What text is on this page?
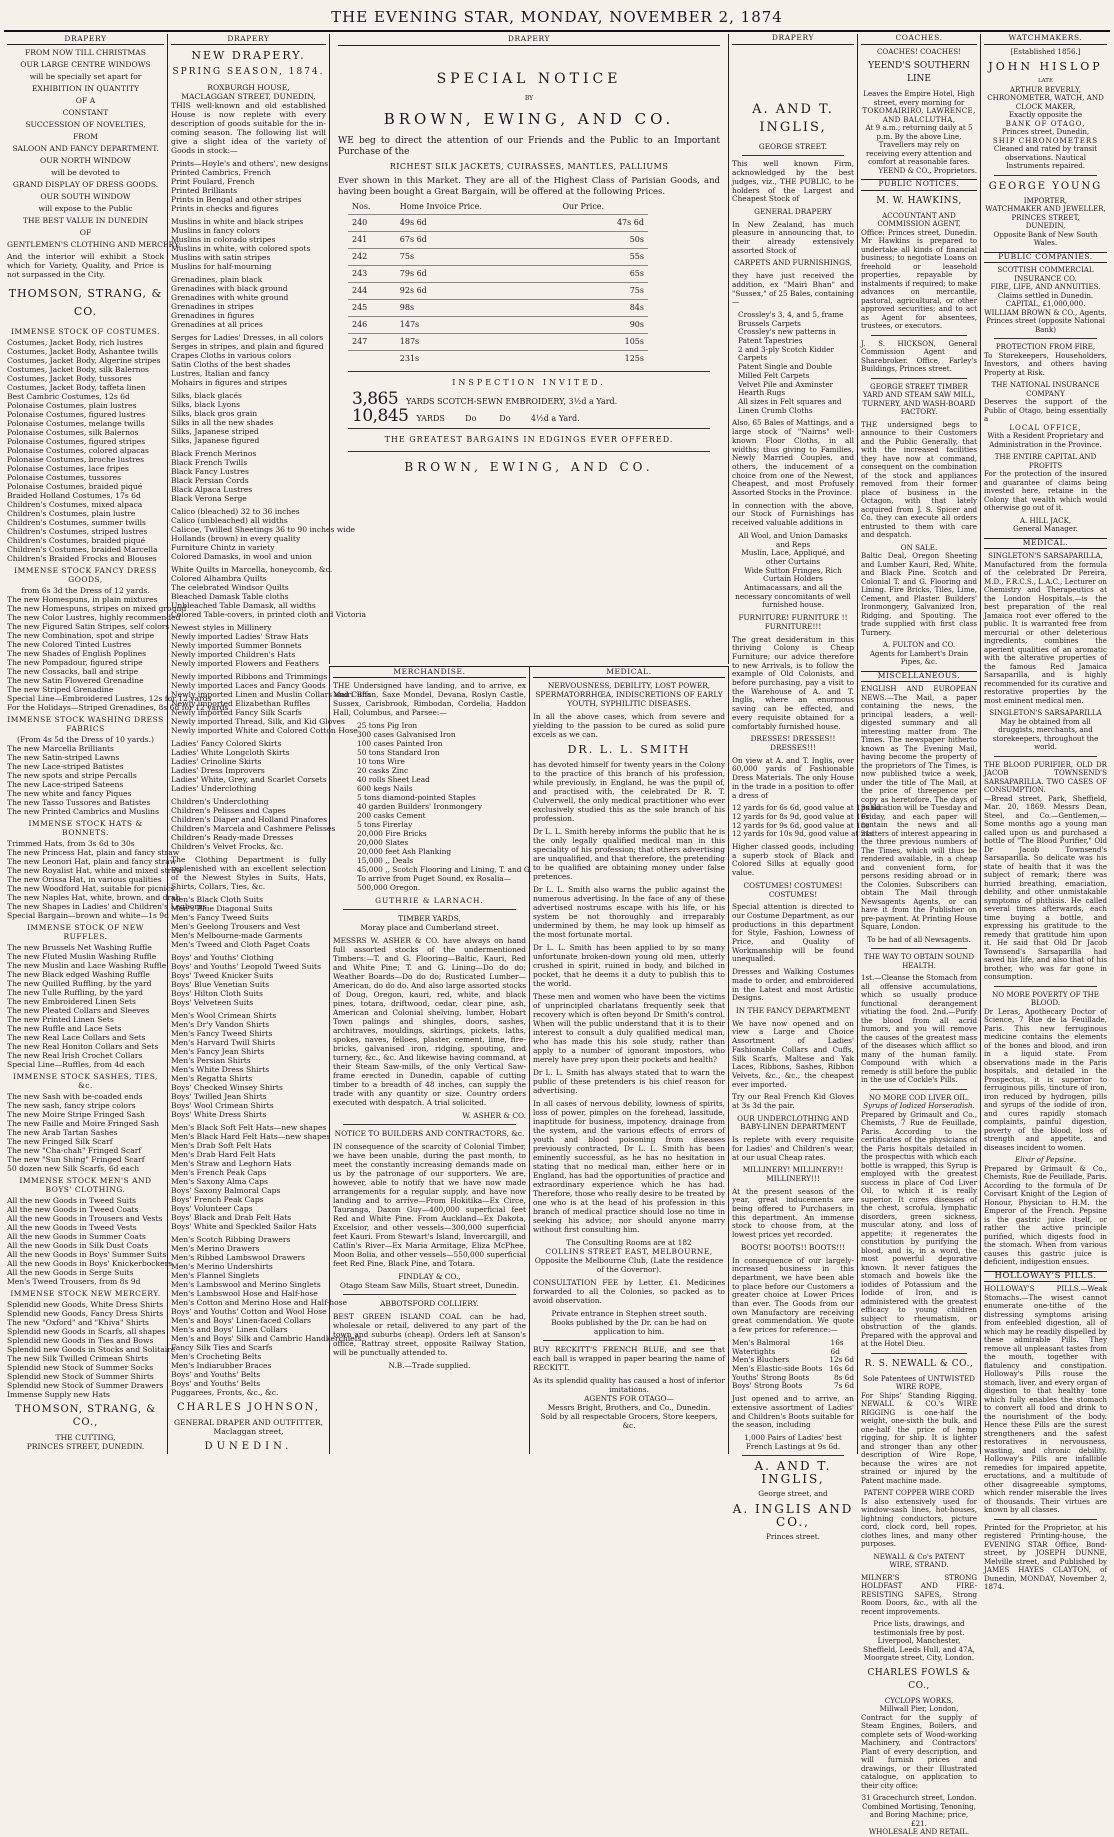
THE EVENING STAR, MONDAY, NOVEMBER 2, 1874
DRAPERY
FROM NOW TILL CHRISTMAS
OUR LARGE CENTRE WINDOWS
will be specially set apart for
EXHIBITION IN QUANTITY
OF A
CONSTANT
SUCCESSION OF NOVELTIES,
FROM
SALOON AND FANCY DEPARTMENT.
OUR NORTH WINDOW
will be devoted to
GRAND DISPLAY OF DRESS GOODS.
OUR SOUTH WINDOW
will expose to the Public
THE BEST VALUE IN DUNEDIN
OF
GENTLEMEN'S CLOTHING AND MERCERY;
And the interior will exhibit a Stock which for Variety, Quality, and Price is not surpassed in the City.
THOMSON, STRANG, & CO.
IMMENSE STOCK OF COSTUMES.
Costumes, Jacket Body, rich lustres
Costumes, Jacket Body, Ashantee twills
Costumes, Jacket Body, Algerine stripes
Costumes, Jacket Body, silk Balernos
Costumes, Jacket Body, tussores
Costumes, Jacket Body, taffeta linen
Best Cambric Costumes, 12s 6d
Polonaise Costumes, plain lustres
Polonaise Costumes, figured lustres
Polonaise Costumes, melange twills
Polonaise Costumes, silk Balernos
Polonaise Costumes, figured stripes
Polonaise Costumes, colored alpacas
Polonaise Costumes, broche lustres
Polonaise Costumes, lace fripes
Polonaise Costumes, tussores
Polonaise Costumes, braided piqué
Braided Holland Costumes, 17s 6d
Children's Costumes, mixed alpaca
Children's Costumes, plain lustre
Children's Costumes, summer twills
Children's Costumes, striped lustres
Children's Costumes, braided piqué
Children's Costumes, braided Marcella
Children's Braided Frocks and Blouses
IMMENSE STOCK FANCY DRESS GOODS,
from 6s 3d the Dress of 12 yards.
The new Homespuns, in plain mixtures
The new Homespuns, stripes on mixed ground
The new Color Lustres, highly recommended
The new Figured Satin Stripes, self colors
The new Combination, spot and stripe
The new Colored Tinted Lustres
The new Shades of English Poplines
The new Pompadour, figured stripe
The new Cossacks, ball and stripe
The new Satin Flowered Grenadine
The new Striped Grenadine
Special Line—Embroidered Lustres, 12s for 12 yards
For the Holidays—Striped Grenadines, 8s 6d for 12 yards
IMMENSE STOCK WASHING DRESS FABRICS
(From 4s 5d the Dress of 10 yards.)
The new Marcella Brilliants
The new Satin-striped Lawns
The new Lace-striped Batistes
The new spots and stripe Percalls
The new Lace-striped Sateens
The new white and fancy Piques
The new Tasso Tussores and Batistes
The new Printed Cambrics and Muslins
IMMENSE STOCK HATS & BONNETS.
Trimmed Hats, from 3s 6d to 30s
The new Princess Hat, plain and fancy straw
The new Leonori Hat, plain and fancy straw
The new Royalist Hat, white and mixed straw
The new Orissa Hat, in various qualities
The new Woodford Hat, suitable for picnics
The new Naples Hat, white, brown, and drab
The new Shapes in Ladies' and Children's Leghorns
Special Bargain—brown and white—1s 9d
IMMENSE STOCK OF NEW RUFFLES.
The new Brussels Net Washing Ruffle
The new Fluted Muslin Washing Ruffle
The new Muslin and Lace Washing Ruffle
The new Black edged Washing Ruffle
The new Quilled Ruffling, by the yard
The new Tulle Ruffling, by the yard
The new Embroidered Linen Sets
The new Pleated Collars and Sleeves
The new Printed Linen Sets
The new Ruffle and Lace Sets
The new Real Lace Collars and Sets
The new Real Honiton Collars and Sets
The new Real Irish Crochet Collars
Special Line—Ruffles, from 4d each
IMMENSE STOCK SASHES, TIES, &c.
The new Sash with be-coaded ends
The new sash, fancy stripe colors
The new Moire Stripe Fringed Sash
The new Faille and Moire Fringed Sash
The new Arab Tartan Sashes
The new Fringed Silk Scarf
The new "Cha-chah" Fringed Scarf
The new "Sun Shing" Fringed Scarf
50 dozen new Silk Scarfs, 6d each
IMMENSE STOCK MEN'S AND BOYS' CLOTHING.
All the new Goods in Tweed Suits
All the new Goods in Tweed Coats
All the new Goods in Trousers and Vests
All the new Goods in Tweed Vests
All the new Goods in Summer Coats
All the new Goods in Silk Dust Coats
All the new Goods in Boys' Summer Suits
All the new Goods in Boys' Knickerbockers
All the new Goods in Serge Suits
Men's Tweed Trousers, from 8s 9d
IMMENSE STOCK NEW MERCERY.
Splendid new Goods, White Dress Shirts
Splendid new Goods, Fancy Dress Shirts
The new "Oxford" and "Khiva" Shirts
Splendid new Goods in Scarfs, all shapes
Splendid new Goods in Ties and Bows
Splendid new Goods in Stocks and Solitaire
The new Silk Twilled Crimean Shirts
Splendid new Stock of Summer Socks
Splendid new Stock of Summer Shirts
Splendid new Stock of Summer Drawers
Immense Supply new Hats
THOMSON, STRANG, & CO.,
THE CUTTING,
PRINCES STREET, DUNEDIN.
DRAPERY
NEW DRAPERY.
SPRING SEASON, 1874.
ROXBURGH HOUSE,
MACLAGGAN STREET, DUNEDIN,
THIS well-known and old established House is now replete with every description of goods suitable for the in-coming season. The following list will give a slight idea of the variety of Goods in stock:—
Prints—Hoyle's and others', new designs
Printed Cambrics, French
Print Foulard, French
Printed Brilliants
Prints in Bengal and other stripes
Prints in checks and figures
Muslins in white and black stripes
Muslins in fancy colors
Muslins in colorado stripes
Muslins in white, with colored spots
Muslins with satin stripes
Muslins for half-mourning
Grenadines, plain black
Grenadines with black ground
Grenadines with white ground
Grenadines in stripes
Grenadines in figures
Grenadines at all prices
Serges for Ladies' Dresses, in all colors
Serges in stripes, and plain and figured
Crapes Cloths in various colors
Satin Cloths of the best shades
Lustres, Italian and fancy
Mohairs in figures and stripes
Silks, black glacés
Silks, black Lyons
Silks, black gros grain
Silks in all the new shades
Silks, Japanese striped
Silks, Japanese figured
Black French Merinos
Black French Twills
Black Fancy Lustres
Black Persian Cords
Black Alpaca Lustres
Black Verona Serge
Calico (bleached) 32 to 36 inches
Calico (unbleached) all widths
Calicoe, Twilled Sheetings 36 to 90 inches wide
Hollands (brown) in every quality
Furniture Chintz in variety
Colored Damasks, in wool and union
White Quilts in Marcella, honeycomb, &c.
Colored Alhambra Quilts
The celebrated Windsor Quilts
Bleached Damask Table cloths
Unbleached Table Damask, all widths
Colored Table-covers, in printed cloth and Victoria
Newest styles in Millinery
Newly imported Ladies' Straw Hats
Newly imported Summer Bonnets
Newly imported Children's Hats
Newly imported Flowers and Feathers
Newly imported Ribbons and Trimmings
Newly imported Laces and Fancy Goods
Newly imported Linen and Muslin Collars and Cuffs
Newly imported Elizabethan Ruffles
Newly imported Fancy Silk Scarfs
Newly imported Thread, Silk, and Kid Gloves
Newly imported White and Colored Cotton Hose
Ladies' Fancy Colored Skirts
Ladies' White Longcloth Skirts
Ladies' Crinoline Skirts
Ladies' Dress Improvers
Ladies' White, Grey, and Scarlet Corsets
Ladies' Underclothing
Children's Underclothing
Children's Pelisses and Capes
Children's Diaper and Holland Pinafores
Children's Marcela and Cashmere Pelisses
Children's Ready-made Dresses
Children's Velvet Frocks, &c.
The Clothing Department is fully replenished with an excellent selection of the Newest Styles in Suits, Hats, Shirts, Collars, Ties, &c.
Men's Black Cloth Suits
Men's Blue Diagonal Suits
Men's Fancy Tweed Suits
Men's Geelong Trousers and Vest
Men's Melbourne-made Garments
Men's Tweed and Cloth Paget Coats
Boys' and Youths' Clothing
Boys' and Youths' Leopold Tweed Suits
Boys' Tweed Knicker Suits
Boys' Blue Venetian Suits
Boys' Hilton Cloth Suits
Boys' Velveteen Suits
Men's Wool Crimean Shirts
Men's Dr'y Vandon Shirts
Men's Fancy Tweed Shirts
Men's Harvard Twill Shirts
Men's Fancy Jean Shirts
Men's Persian Shirts
Men's White Dress Shirts
Men's Regatta Shirts
Boys' Checked Winsey Shirts
Boys' Twilled Jean Shirts
Boys' Wool Crimean Shirts
Boys' White Dress Shirts
Men's Black Soft Felt Hats—new shapes
Men's Black Hard Felt Hats—new shapes
Men's Drab Soft Felt Hats
Men's Drab Hard Felt Hats
Men's Straw and Leghorn Hats
Men's French Peak Caps
Men's Saxony Alma Caps
Boys' Saxony Balmoral Caps
Boys' French Peak Caps
Boys' Volunteer Caps
Boys' Black and Drab Felt Hats
Boys' White and Speckled Sailor Hats
Men's Scotch Ribbing Drawers
Men's Merino Drawers
Men's Ribbed Lambswool Drawers
Men's Merino Undershirts
Men's Flannel Singlets
Men's Lambswool and Merino Singlets
Men's Lambswool Hose and Half-hose
Men's Cotton and Merino Hose and Half-hose
Boys' and Youths' Cotton and Wool Hose
Men's and Boys' Linen-faced Collars
Men's and Boys' Linen Collars
Men's and Boys' Silk and Cambric Handkerchiefs
Fancy Silk Ties and Scarfs
Men's Crocheting Belts
Men's Indiarubber Braces
Boys' and Youths' Belts
Boys' and Youths' Belts
Puggarees, Fronts, &c., &c.
CHARLES JOHNSON,
GENERAL DRAPER AND OUTFITTER,
Maclaggan street,
DUNEDIN.
DRAPERY
SPECIAL NOTICE
BY
BROWN, EWING, AND CO.
WE beg to direct the attention of our Friends and the Public to an Important Purchase of the
RICHEST SILK JACKETS, CUIRASSES, MANTLES, PALLIUMS
Ever shown in this Market. They are all of the Highest Class of Parisian Goods, and having been bought a Great Bargain, will be offered at the following Prices.
Nos.	Home Invoice Price.	Our Price.
240	49s 6d	47s 6d
241	67s 6d	50s
242	75s	55s
243	79s 6d	65s
244	92s 6d	75s
245	98s	84s
246	147s	90s
247	187s	105s
	231s	125s
INSPECTION INVITED.
3,865 YARDS SCOTCH-SEWN EMBROIDERY, 3½d a Yard.
10,845 YARDS        Do         Do        4½d a Yard.
THE GREATEST BARGAINS IN EDGINGS EVER OFFERED.
BROWN, EWING, AND CO.
MERCHANDISE.
THE Undersigned have landing, and to arrive, ex Mairi Bhan, Saxe Mondel, Devana, Roslyn Castle, Sussex, Carisbrook, Rimbodan, Cordelia, Haddon Hall, Columbus, and Parsee:—
25 tons Pig Iron
300 cases Galvanised Iron
100 cases Painted Iron
50 tons Standard Iron
10 tons Wire
20 casks Zinc
40 rolls Sheet Lead
600 kegs Nails
5 tons diamond-pointed Staples
40 garden Builders' Ironmongery
200 casks Cement
5 tons Firerlay
20,000 Fire Bricks
20,000 Slates
20,000 feet Ash Planking
15,000 ,, Deals
45,000 ,, Scotch Flooring and Lining, T. and G.
To arrive from Puget Sound, ex Rosalia—
500,000 Oregon.
GUTHRIE & LARNACH.
TIMBER YARDS,
Moray place and Cumberland street.
MESSRS W. ASHER & CO. have always on hand full assorted stocks of the undermentioned Timbers:—T. and G. Flooring—Baltic, Kauri, Red and White Pine; T. and G. Lining—Do do do; Weather Boards—Do do do; Rusticated Lumber—American, do do do. And also large assorted stocks of Doug, Oregon, kauri, red, white, and black pines, totara, driftwood, cedar, clear pine, ash, American and Colonial shelving, lumber, Hobart Town palings and shingles, doors, sashes, architraves, mouldings, skirtings, pickets, laths, spokes, naves, felloes, plaster, cement, lime, fire-bricks, galvanised iron, ridging, spouting, and turnery, &c., &c. And likewise having command, at their Steam Saw-mills, of the only Vertical Saw-frame erected in Dunedin, capable of cutting timber to a breadth of 48 inches, can supply the trade with any quantity or size. Country orders executed with despatch. A trial solicited.
W. ASHER & CO.
NOTICE TO BUILDERS AND CONTRACTORS, &c.
IN consequence of the scarcity of Colonial Timber, we have been unable, during the past month, to meet the constantly increasing demands made on us by the patronage of our supporters. We are, however, able to notify that we have now made arrangements for a regular supply, and have now landing and to arrive—From Hokitika—Ex Circe, Tauranga, Daxon Guy—400,000 superficial feet Red and White Pine. From Auckland—Ex Dakota, Excelsior, and other vessels—300,000 superficial feet Kauri. From Stewart's Island, Invercargill, and Catlin's River—Ex Maria Armitage, Eliza McPhee, Moon Bolia, and other vessels—550,000 superficial feet Red Pine, Black Pine, and Totara.
FINDLAY & CO.,
Otago Steam Saw Mills, Stuart street, Dunedin.
ABBOTSFORD COLLIERY.
BEST GREEN ISLAND COAL can be had, wholesale or retail, delivered to any part of the town and suburbs (cheap). Orders left at Sanson's office, Rattray street, opposite Railway Station, will be punctually attended to.
N.B.—Trade supplied.
MEDICAL.
NERVOUSNESS, DEBILITY, LOST POWER, SPERMATORRHŒA, INDISCRETIONS OF EARLY YOUTH, SYPHILITIC DISEASES.
In all the above cases, which from severe and yielding to the passion to be cured as solid pure excels as we can.
DR. L. L. SMITH
has devoted himself for twenty years in the Colony to the practice of this branch of his profession, while previously, in England, he was the pupil of, and practised with, the celebrated Dr R. T. Culverwell, the only medical practitioner who ever exclusively studied this as the sole branch of his profession.
Dr L. L. Smith hereby informs the public that he is the only legally qualified medical man in this speciality of his profession; that others advertising are unqualified, and that therefore, the pretending to be qualified are obtaining money under false pretences.
Dr L. L. Smith also warns the public against the numerous advertising. In the face of any of these advertised nostrums escape with his life, or his system be not thoroughly and irreparably undermined by them, he may look up himself as the most fortunate mortal.
Dr L. L. Smith has been applied to by so many unfortunate broken-down young old men, utterly crushed in spirit, ruined in body, and bilched in pocket, that he deems it a duty to publish this to the world.
These men and women who have been the victims of unprincipled charlatans frequently seek that recovery which is often beyond Dr Smith's control. When will the public understand that it is to their interest to consult a duly qualified medical man, who has made this his sole study, rather than apply to a number of ignorant impostors, who merely have prey upon their pockets and health?
Dr L. L. Smith has always stated that to warn the public of these pretenders is his chief reason for advertising.
In all cases of nervous debility, lowness of spirits, loss of power, pimples on the forehead, lassitude, inaptitude for business, impotency, drainage from the system, and the various effects of errors of youth and blood poisoning from diseases previously contracted, Dr L. L. Smith has been eminently successful, as he has no hesitation in stating that no medical man, either here or in England, has had the opportunities of practice and extraordinary experience which he has had. Therefore, those who really desire to be treated by one who is at the head of his profession in this branch of medical practice should lose no time in seeking his advice; nor should anyone marry without first consulting him.
The Consulting Rooms are at 182
COLLINS STREET EAST, MELBOURNE,
Opposite the Melbourne Club, (Late the residence of the Governor).
CONSULTATION FEE by Letter, £1. Medicines forwarded to all the Colonies, so packed as to avoid observation.
Private entrance in Stephen street south.
Books published by the Dr. can be had on application to him.
BUY RECKITT'S FRENCH BLUE, and see that each ball is wrapped in paper bearing the name of RECKITT.
As its splendid quality has caused a host of inferior imitations.
AGENTS FOR OTAGO—
Messrs Bright, Brothers, and Co., Dunedin.
Sold by all respectable Grocers, Store keepers, &c.
DRAPERY
A. AND T. INGLIS,
GEORGE STREET.
This well known Firm, acknowledged by the best judges, viz., THE PUBLIC, to be holders of the Largest and Cheapest Stock of
GENERAL DRAPERY
In New Zealand, has much pleasure in announcing that, to their already extensively assorted Stock of
CARPETS AND FURNISHINGS,
they have just received the addition, ex "Mairi Bhan" and "Sussex," of 25 Bales, containing—
Crossley's 3, 4, and 5, frame Brussels Carpets
Crossley's new patterns in Patent Tapestries
2 and 3-ply Scotch Kidder Carpets
Patent Single and Double Milled Felt Carpets
Velvet Pile and Axminster Hearth Rugs
All sizes in Felt squares and Linen Crumb Cloths
Also, 65 Bales of Mattings, and a large stock of "Nairns" well-known Floor Cloths, in all widths; thus giving to Families, Newly Married Couples, and others, the inducement of a choice from one of the Newest, Cheapest, and most Profusely Assorted Stocks in the Province.
In connection with the above, our Stock of Furnishings has received valuable additions in
All Wool, and Union Damasks and Reps
Muslin, Lace, Appliqué, and other Curtains
Wide Sutton Fringes, Rich Curtain Holders
Antimacassars, and all the necessary concomitants of well furnished house.
FURNITURE! FURNITURE !! FURNITURE!!!
The great desideratum in this thriving Colony is Cheap Furniture; our advice therefore to new Arrivals, is to follow the example of Old Colonists, and before purchasing, pay a visit to the Warehouse of A. and T. Inglis, where an enormous saving can be effected, and every requisite obtained for a comfortably furnished house.
DRESSES! DRESSES!! DRESSES!!!
On view at A. and T. Inglis, over 60,000 yards of Fashionable Dress Materials. The only House in the trade in a position to offer a dress of
12 yards for 6s 6d, good value at 13s 6d
12 yards for 8s 9d, good value at 16s
12 yards for 9s 6d, good value at 18s
12 yards for 10s 9d, good value at 21s
Higher classed goods, including a superb stock of Black and Colored Silks at equally good value.
COSTUMES! COSTUMES! COSTUMES!
Special attention is directed to our Costume Department, as our productions in this department for Style, Fashion, Lowness of Price, and Quality of Workmanship will be found unequalled.
Dresses and Walking Costumes made to order, and embroidered in the Latest and most Artistic Designs.
IN THE FANCY DEPARTMENT
We have now opened and on view a Large and Choice Assortment of Ladies' Fashionable Collars and Cuffs, Silk Scarfs, Maltese and Yak Laces, Ribbons, Sashes, Ribbon Velvets, &c., &c., the cheapest ever imported.
Try our Real French Kid Gloves at 3s 3d the pair.
OUR UNDERCLOTHING AND BABY-LINEN DEPARTMENT
Is replete with every requisite for Ladies' and Children's wear, at our usual Cheap rates.
MILLINERY! MILLINERY!! MILLINERY!!!
At the present season of the year, great inducements are being offered to Purchasers in this department. An immense stock to choose from, at the lowest prices yet recorded.
BOOTS! BOOTS!! BOOTS!!!
In consequence of our largely-increased business in this department, we have been able to place before our Customers a greater choice at Lower Prices than ever. The Goods from our own Manufactory are receiving great commendation. We quote a few prices for reference:—
Men's Balmoral Watertights
16s 6d
Men's Bluchers	12s 6d
Men's Elastic-side Boots 16s 6d
Youths' Strong Boots	8s 6d
Boys' Strong Boots	7s 6d
Just opened and to arrive, an extensive assortment of Ladies' and Children's Boots suitable for the season, including
1,000 Pairs of Ladies' best French Lastings at 9s 6d.
A. AND T. INGLIS,
George street, and
A. INGLIS AND CO.,
Princes street.
COACHES.
COACHES! COACHES!
YEEND'S SOUTHERN LINE
Leaves the Empire Hotel, High street, every morning for
TOKOMAIRIRO, LAWRENCE, AND BALCLUTHA,
At 9 a.m.; returning daily at 5 p.m. By the above Line, Travellers may rely on receiving every attention and comfort at reasonable fares.
YEEND & CO., Proprietors.
PUBLIC NOTICES.
M. W. HAWKINS,
ACCOUNTANT AND COMMISSION AGENT,
Office: Princes street, Dunedin. Mr Hawkins is prepared to undertake all kinds of financial business; to negotiate Loans on freehold or leasehold properties, repayable by instalments if required; to make advances on mercantile, pastoral, agricultural, or other approved securities; and to act as Agent for absentees, trustees, or executors.
J. S. HICKSON, General Commission Agent and Sharebroker. Office, Farley's Buildings, Princes street.
GEORGE STREET TIMBER YARD AND STEAM SAW MILL, TURNERY, AND WASH-BOARD FACTORY.
THE undersigned begs to announce to their Customers and the Public Generally, that with the increased facilities they have now at command, consequent on the combination of the stock and appliances removed from their former place of business in the Octagon, with that lately acquired from J. S. Spicer and Co. they can execute all orders entrusted to them with care and despatch.
ON SALE.
Baltic Deal, Oregon Sheeting and Lumber Kauri, Red, White, and Black Pine. Scotch and Colonial T. and G. Flooring and Lining. Fire Bricks, Tiles, Lime, Cement, and Plaster. Builders' Ironmongery, Galvanized Iron, Ridging, and Spouting. The trade supplied with first class Turnery.
A. FULTON and CO.
Agents for Lambert's Drain Pipes, &c.
MISCELLANEOUS.
ENGLISH AND EUROPEAN NEWS.—The Mail, a paper containing the news, the principal leaders, a well-digested summary and all interesting matter from The Times. The newspaper hitherto known as The Evening Mail, having become the property of the proprietors of The Times, is now published twice a week, under the title of The Mail, at the price of threepence per copy as heretofore. The days of publication will be Tuesday and Friday, and each paper will contain the news and all matters of interest appearing in the three previous numbers of The Times, which will thus be rendered available, in a cheap and convenient form, for persons residing abroad or in the Colonies. Subscribers can obtain The Mail through Newsagents Agents, or can have it from the Publisher on pre-payment. At Printing House Square, London.
To be had of all Newsagents.
THE WAY TO OBTAIN SOUND HEALTH.
1st.—Cleanse the Stomach from all offensive accumulations, which so usually produce functional derangement vitiating the food. 2nd.—Purify the blood from all acrid humors, and you will remove the causes of the greatest mass of the diseases which afflict so many of the human family. Compound with which a remedy is still before the public in the use of Cockle's Pills.
NO MORE COD LIVER OIL.
Syrups of Iodized Horseradish.
Prepared by Grimault and Co., Chemists, 7 Rue de Feuillade, Paris. According to the certificates of the physicians of the Paris hospitals detailed in the prospectus with which each bottle is wrapped, this Syrup is employed with the greatest success in place of Cod Liver Oil, to which it is really superior. It cures diseases of the chest, scrofula, lymphatic disorders, green sickness, muscular atony, and loss of appetite; it regenerates the constitution by purifying the blood, and is, in a word, the most powerful depurative known. It never fatigues the stomach and bowels like the iodides of Potassium and the Iodide of Iron, and is administered with the greatest efficacy to young children subject to rheumatism, or obstruction of the glands. Prepared with the approval and at the Hotel Dieu.
R. S. NEWALL & CO.,
Sole Patentees of UNTWISTED WIRE ROPE,
For Ships' Standing Rigging. NEWALL & CO.'s WIRE RIGGING is one-half the weight, one-sixth the bulk, and one-half the price of hemp rigging, for ship. It is lighter and stronger than any other description of Wire Rope, because the wires are not strained or injured by the Patent machine made.
PATENT COPPER WIRE CORD
Is also extensively used for window-sash lines, hot-houses, lightning conductors, picture cord, clock cord, bell ropes, clothes lines, and many other purposes.
NEWALL & Co's PATENT WIRE, STRAND.
MILNER'S STRONG HOLDFAST AND FIRE-RESISTING SAFES, Strong Room Doors, &c., with all the recent improvements.
Price lists, drawings, and testimonials free by post.
Liverpool, Manchester, Sheffield, Leeds Hull, and 47A, Moorgate street, City, London.
CHARLES FOWLS & CO.,
CYCLOPS WORKS,
Millwall Pier, London,
Contract for the supply of Steam Engines, Boilers, and complete sets of Wood-working Machinery, and Contractors' Plant of every description, and will furnish prices and drawings, or their Illustrated catalogue, on application to their city office:
31 Gracechurch street, London.
Combined Mortising, Tenoning, and Boring Machine; price, £21.
WHOLESALE AND RETAIL.
WATCHMAKERS.
[Established 1856.]
JOHN HISLOP
LATE
ARTHUR BEVERLY,
CHRONOMETER, WATCH, AND CLOCK MAKER,
Exactly opposite the
BANK OF OTAGO,
Princes street, Dunedin,
SHIP CHRONOMETERS
Cleaned and rated by transit observations. Nautical Instruments repaired.
GEORGE YOUNG
IMPORTER,
WATCHMAKER AND JEWELLER,
PRINCES STREET,
DUNEDIN,
Opposite Bank of New South Wales.
PUBLIC COMPANIES.
SCOTTISH COMMERCIAL INSURANCE CO.
FIRE, LIFE, AND ANNUITIES.
Claims settled in Dunedin.
CAPITAL, £1,000,000.
WILLIAM BROWN & CO., Agents,
Princes street (opposite National Bank)
PROTECTION FROM FIRE,
To Storekeepers, Householders, Investors, and others having Property at Risk.
THE NATIONAL INSURANCE COMPANY
Deserves the support of the Public of Otago, being essentially a
LOCAL OFFICE,
With a Resident Proprietary and Administration in the Province.
THE ENTIRE CAPITAL AND PROFITS
For the protection of the insured and guarantee of claims being invested here, retaine in the Colony that wealth which would otherwise go out of it.
A. HILL JACK,
General Manager.
MEDICAL.
SINGLETON'S SARSAPARILLA,
Manufactured from the formula of the celebrated Dr Pereira, M.D., F.R.C.S., L.A.C., Lecturer on Chemistry and Therapeutics at the London Hospitals,—is the best preparation of the real Jamaica root ever offered to the public. It is warranted free from mercurial or other deleterious ingredients, combines the aperient qualities of an aromatic with the alterative properties of the famous Red Jamaica Sarsaparilla, and is highly recommended for its curative and restorative properties by the most eminent medical men.
SINGLETON'S SARSAPARILLA
May be obtained from all druggists, merchants, and storekeepers, throughout the world.
THE BLOOD PURIFIER, OLD DR JACOB TOWNSEND'S SARSAPARILLA. TWO CASES OF CONSUMPTION.
—Bread street, Park, Sheffield, Mar. 20, 1869. Messrs Dean, Steel, and Co.—Gentlemen,—Some months ago a young man called upon us and purchased a bottle of "The Blood Purifier," Old Dr Jacob Townsend's Sarsaparilla. So delicate was his state of health that it was the subject of remark; there was hurried breathing, emaciation, debility, and other unmistakable symptoms of phthisis. He called several times afterwards, each time buying a bottle, and expressing his gratitude to the remedy that gratitude him upon it. He said that Old Dr Jacob Townsend's Sarsaparilla had saved his life, and also that of his brother, who was far gone in consumption.
NO MORE POVERTY OF THE BLOOD.
Dr Leras, Apothecary Doctor of Science, 7 Rue de la Feuillade, Paris. This new ferruginous medicine contains the elements of the bones and blood, and iron in a liquid state. From observations made in the Paris hospitals, and detailed in the Prospectus, it is superior to ferruginous pills, tincture of iron, iron reduced by hydrogen, pills and syrups of the iodide of iron, and cures rapidly stomach complaints, painful digestion, poverty of the blood, loss of strength and appetite, and diseases incident to women.
Elixir of Pepsine.
Prepared by Grimault & Co., Chemists, Rue de Feuillade, Paris. According to the formula of Dr Corvisart Knight of the Legion of Honour, Physician to H.M. the Emperor of the French. Pepsine is the gastric juice itself, or rather the active principle purified, which digests food in the stomach. When from various causes this gastric juice is deficient, indigestion ensues.
HOLLOWAY'S PILLS.
HOLLOWAY'S PILLS.—Weak Stomachs.—The wisest cannot enumerate one-tithe of the distressing symptoms arising from enfeebled digestion, all of which may be readily dispelled by these admirable Pills. They remove all unpleasant tastes from the mouth, together with flatulency and constipation. Holloway's Pills rouse the stomach, liver, and every organ of digestion to that healthy tone which fully enables the stomach to convert all food and drink to the nourishment of the body. Hence these Pills are the surest strengtheners and the safest restoratives in nervousness, wasting, and chronic debility. Holloway's Pills are infallible remedies for impaired appetite, eructations, and a multitude of other disagreeable symptoms, which render miserable the lives of thousands. Their virtues are known by all classes.
Printed for the Proprietor, at his registered Printing-house, the EVENING STAR Office, Bond-street, by JOSEPH DUNNE, Melville street, and Published by JAMES HAYES CLAYTON, of Dunedin, MONDAY, November 2, 1874.
